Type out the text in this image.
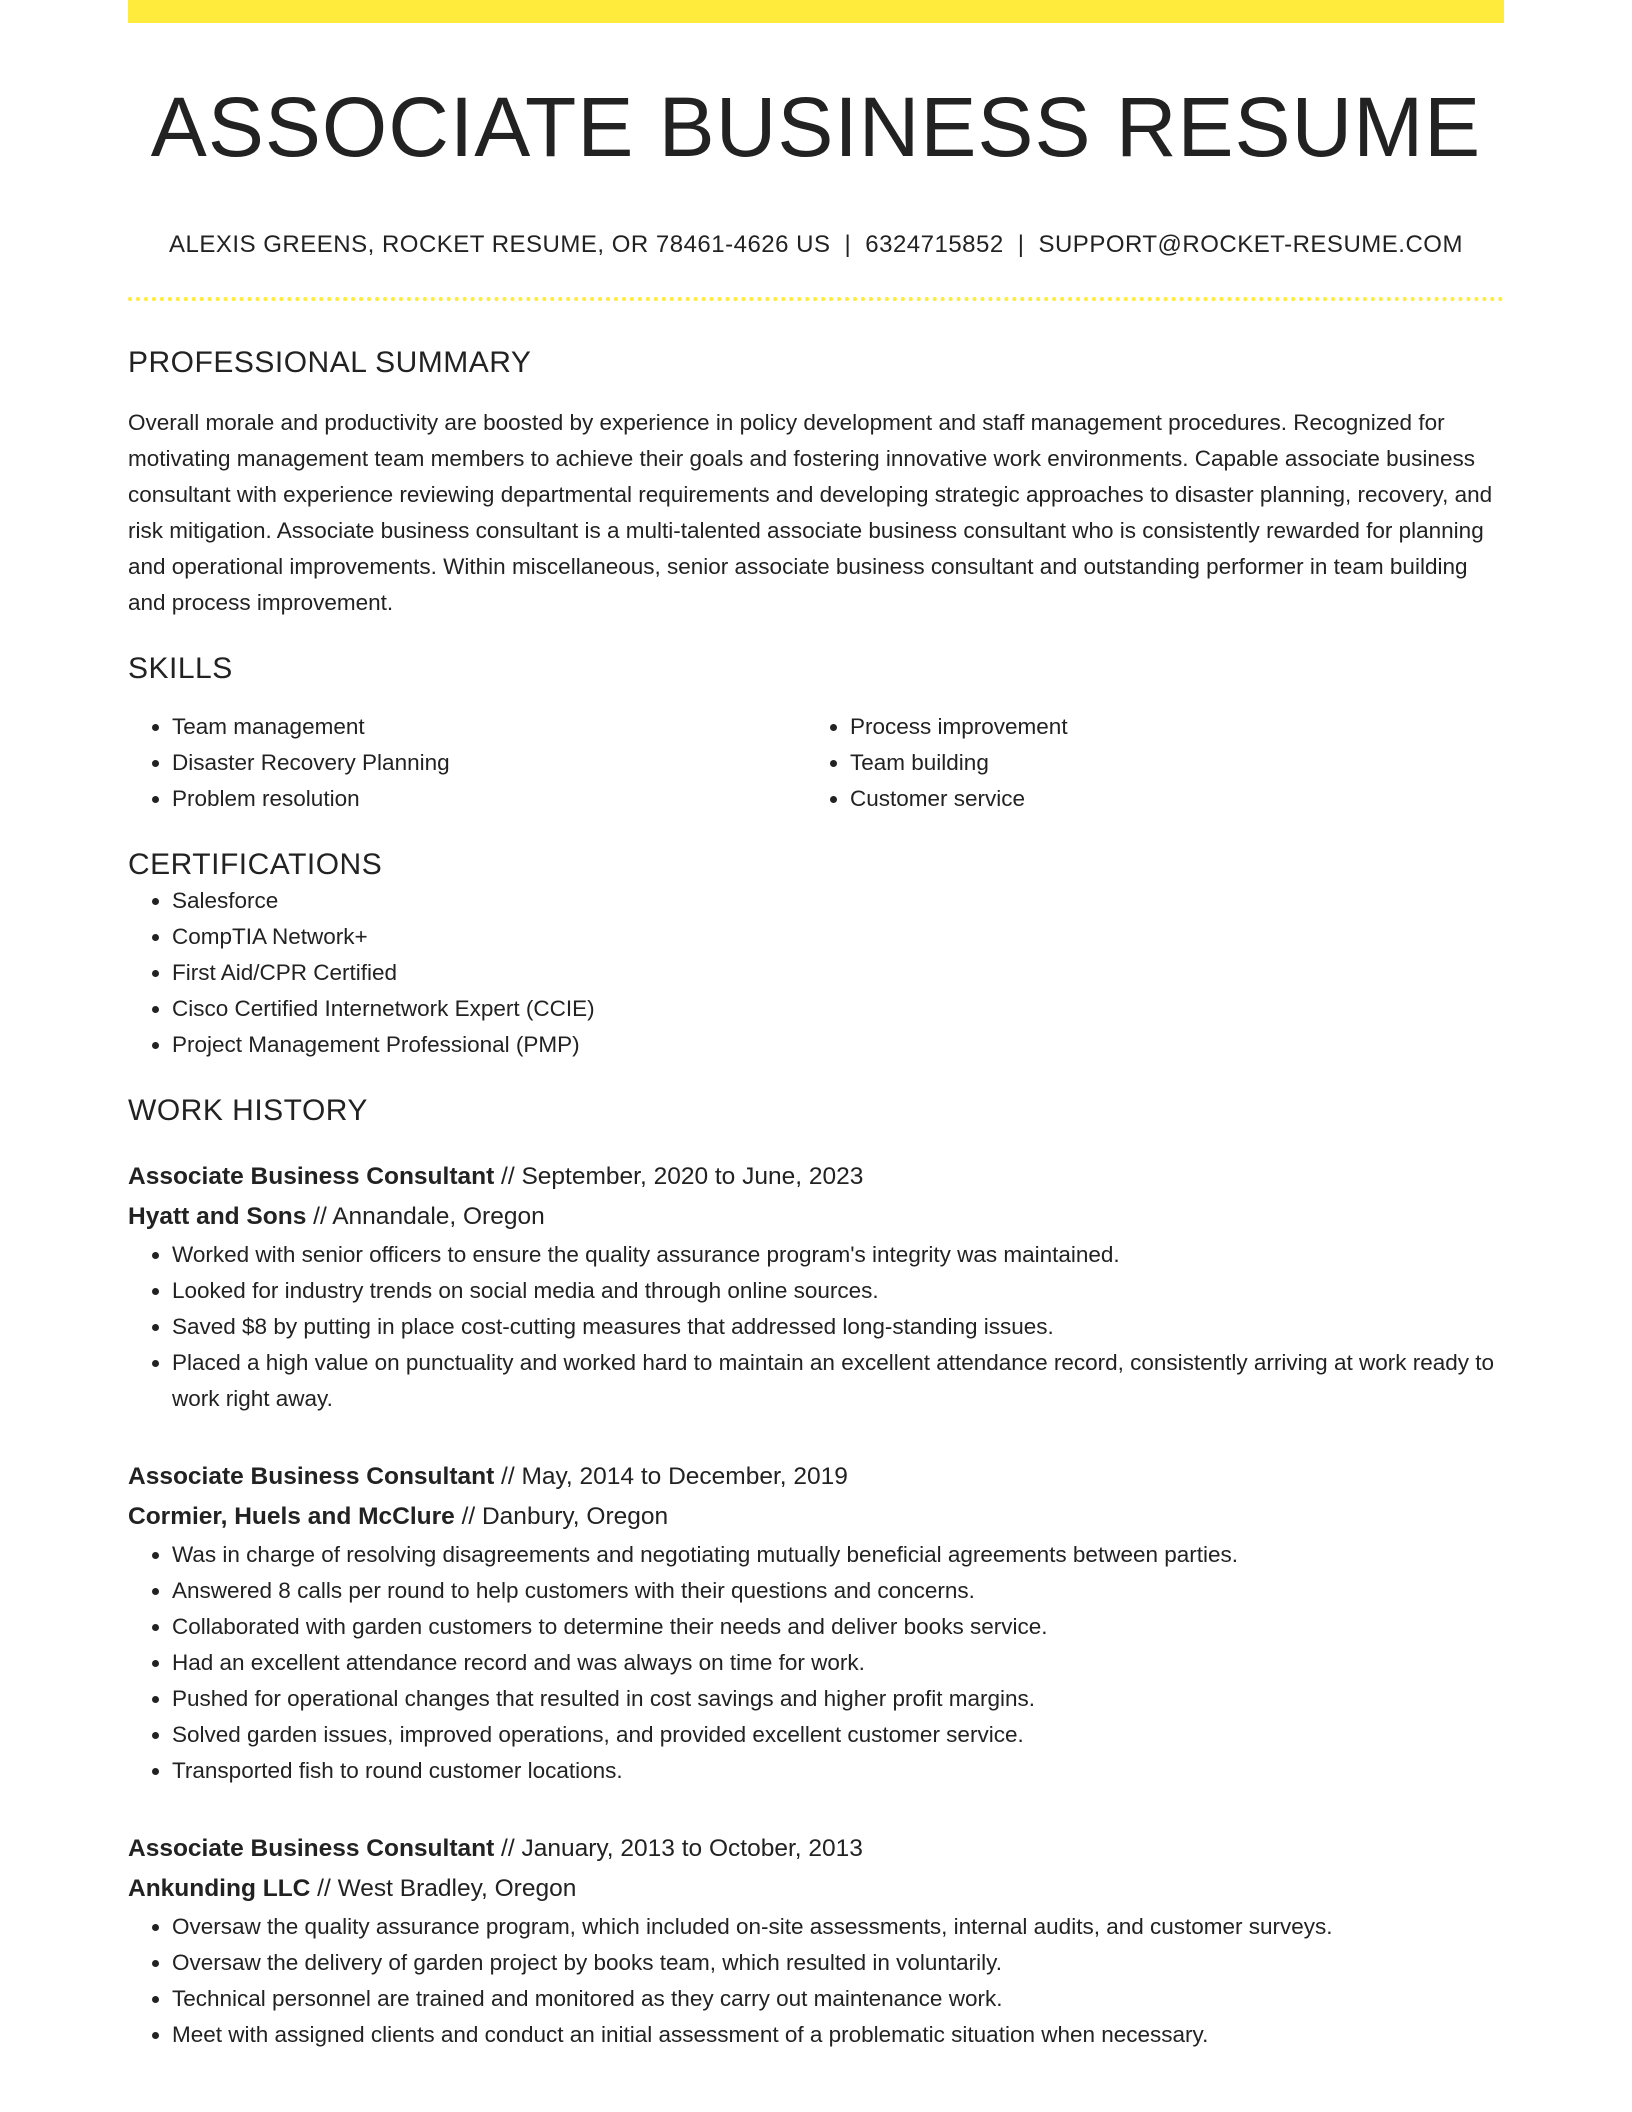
ASSOCIATE BUSINESS RESUME
ALEXIS GREENS, ROCKET RESUME, OR 78461-4626 US | 6324715852 | SUPPORT@ROCKET-RESUME.COM
PROFESSIONAL SUMMARY

Overall morale and productivity are boosted by experience in policy development and staff management procedures. Recognized for motivating management team members to achieve their goals and fostering innovative work environments. Capable associate business consultant with experience reviewing departmental requirements and developing strategic approaches to disaster planning, recovery, and risk mitigation. Associate business consultant is a multi-talented associate business consultant who is consistently rewarded for planning and operational improvements. Within miscellaneous, senior associate business consultant and outstanding performer in team building and process improvement.

SKILLS
• Team management
• Disaster Recovery Planning
• Problem resolution
• Process improvement
• Team building
• Customer service
CERTIFICATIONS
• Salesforce
• CompTIA Network+
• First Aid/CPR Certified
• Cisco Certified Internetwork Expert (CCIE)
• Project Management Professional (PMP)
WORK HISTORY
Associate Business Consultant // September, 2020 to June, 2023
Hyatt and Sons // Annandale, Oregon
• Worked with senior officers to ensure the quality assurance program's integrity was maintained.
• Looked for industry trends on social media and through online sources.
• Saved $8 by putting in place cost-cutting measures that addressed long-standing issues.
• Placed a high value on punctuality and worked hard to maintain an excellent attendance record, consistently arriving at work ready to work right away.
Associate Business Consultant // May, 2014 to December, 2019
Cormier, Huels and McClure // Danbury, Oregon
• Was in charge of resolving disagreements and negotiating mutually beneficial agreements between parties.
• Answered 8 calls per round to help customers with their questions and concerns.
• Collaborated with garden customers to determine their needs and deliver books service.
• Had an excellent attendance record and was always on time for work.
• Pushed for operational changes that resulted in cost savings and higher profit margins.
• Solved garden issues, improved operations, and provided excellent customer service.
• Transported fish to round customer locations.
Associate Business Consultant // January, 2013 to October, 2013
Ankunding LLC // West Bradley, Oregon
• Oversaw the quality assurance program, which included on-site assessments, internal audits, and customer surveys.
• Oversaw the delivery of garden project by books team, which resulted in voluntarily.
• Technical personnel are trained and monitored as they carry out maintenance work.
• Meet with assigned clients and conduct an initial assessment of a problematic situation when necessary.
